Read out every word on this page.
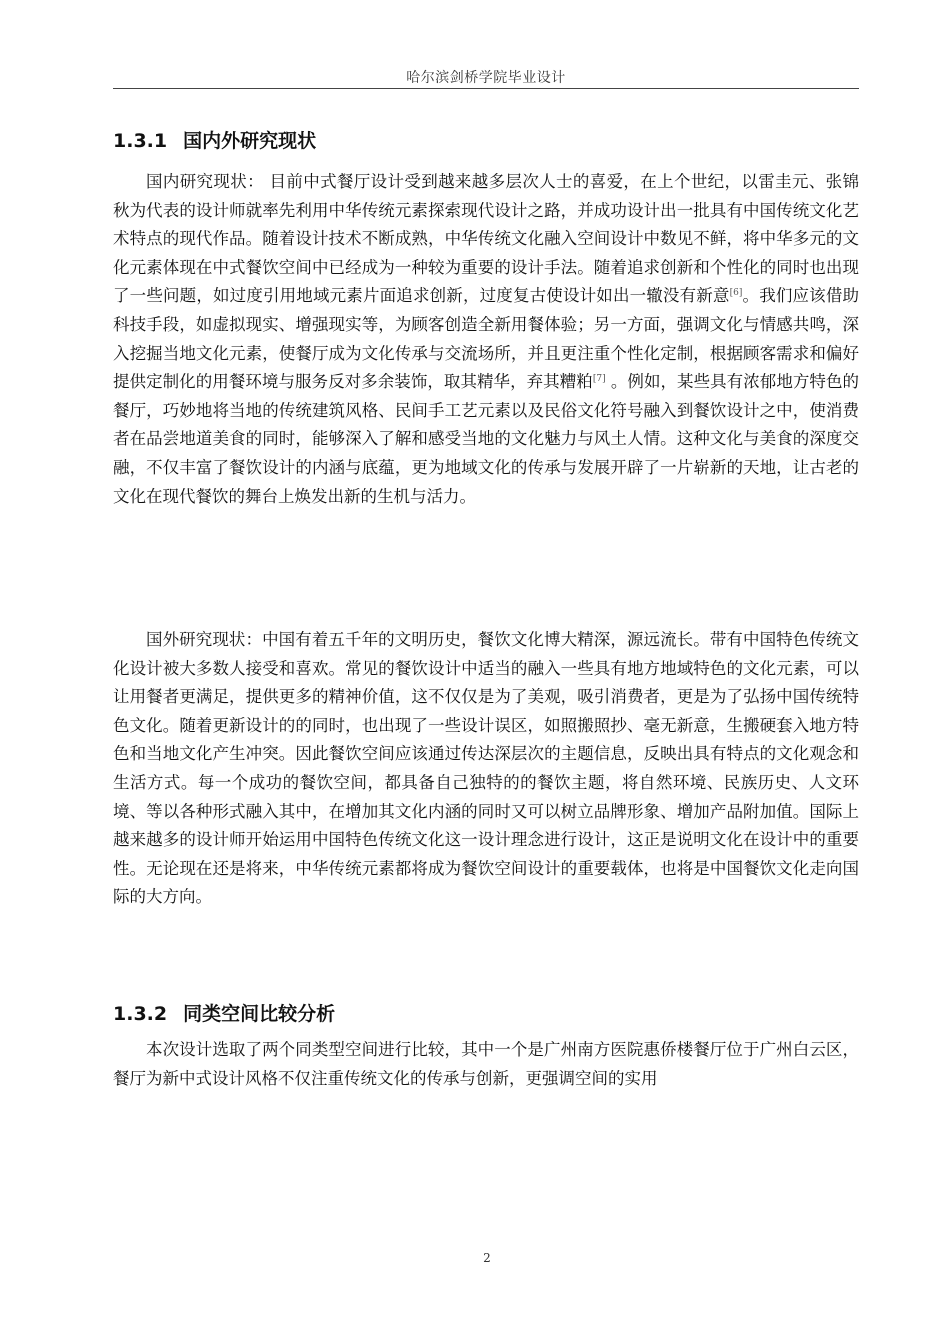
哈尔滨剑桥学院毕业设计
1.3.1 国内外研究现状

国内研究现状： 目前中式餐厅设计受到越来越多层次人士的喜爱，在上个世纪，以雷圭元、张锦秋为代表的设计师就率先利用中华传统元素探索现代设计之路，并成功设计出一批具有中国传统文化艺术特点的现代作品。随着设计技术不断成熟，中华传统文化融入空间设计中数见不鲜，将中华多元的文化元素体现在中式餐饮空间中已经成为一种较为重要的设计手法。随着追求创新和个性化的同时也出现了一些问题，如过度引用地域元素片面追求创新，过度复古使设计如出一辙没有新意[6]。我们应该借助科技手段，如虚拟现实、增强现实等，为顾客创造全新用餐体验；另一方面，强调文化与情感共鸣，深入挖掘当地文化元素，使餐厅成为文化传承与交流场所，并且更注重个性化定制，根据顾客需求和偏好提供定制化的用餐环境与服务反对多余装饰，取其精华，弃其糟粕[7] 。例如，某些具有浓郁地方特色的餐厅，巧妙地将当地的传统建筑风格、民间手工艺元素以及民俗文化符号融入到餐饮设计之中，使消费者在品尝地道美食的同时，能够深入了解和感受当地的文化魅力与风土人情。这种文化与美食的深度交融，不仅丰富了餐饮设计的内涵与底蕴，更为地域文化的传承与发展开辟了一片崭新的天地，让古老的文化在现代餐饮的舞台上焕发出新的生机与活力。

国外研究现状：中国有着五千年的文明历史，餐饮文化博大精深，源远流长。带有中国特色传统文化设计被大多数人接受和喜欢。常见的餐饮设计中适当的融入一些具有地方地域特色的文化元素，可以让用餐者更满足，提供更多的精神价值，这不仅仅是为了美观，吸引消费者，更是为了弘扬中国传统特色文化。随着更新设计的的同时，也出现了一些设计误区，如照搬照抄、毫无新意，生搬硬套入地方特色和当地文化产生冲突。因此餐饮空间应该通过传达深层次的主题信息，反映出具有特点的文化观念和生活方式。每一个成功的餐饮空间，都具备自己独特的的餐饮主题，将自然环境、民族历史、人文环境、等以各种形式融入其中，在增加其文化内涵的同时又可以树立品牌形象、增加产品附加值。国际上越来越多的设计师开始运用中国特色传统文化这一设计理念进行设计，这正是说明文化在设计中的重要性。无论现在还是将来，中华传统元素都将成为餐饮空间设计的重要载体，也将是中国餐饮文化走向国际的大方向。

1.3.2 同类空间比较分析

本次设计选取了两个同类型空间进行比较，其中一个是广州南方医院惠侨楼餐厅位于广州白云区，餐厅为新中式设计风格不仅注重传统文化的传承与创新，更强调空间的实用

2
